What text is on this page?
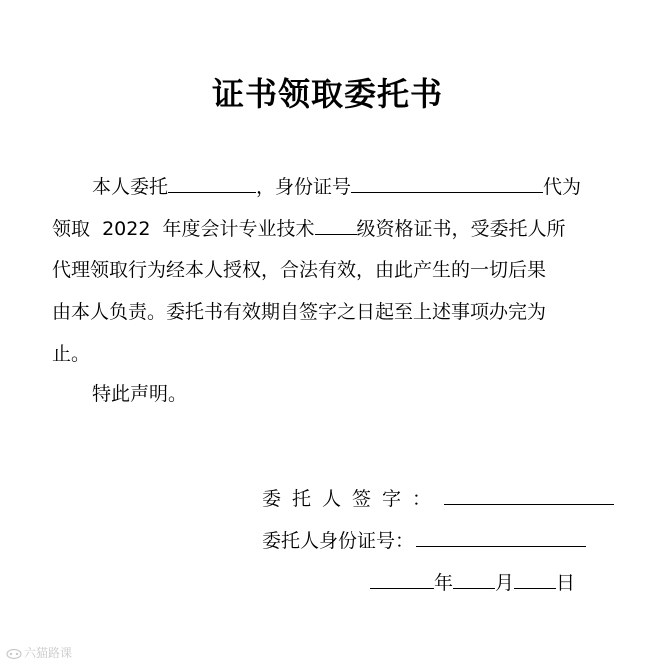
证书领取委托书
本人委托	，身份证号	代为
领取  2022  年度会计专业技术 级资格证书，受委托人所
代理领取行为经本人授权，合法有效，由此产生的一切后果
由本人负责。委托书有效期自签字之日起至上述事项办完为
止。
特此声明。
委托人签字：
委托人身份证号：
年 月 日
六猫路课
